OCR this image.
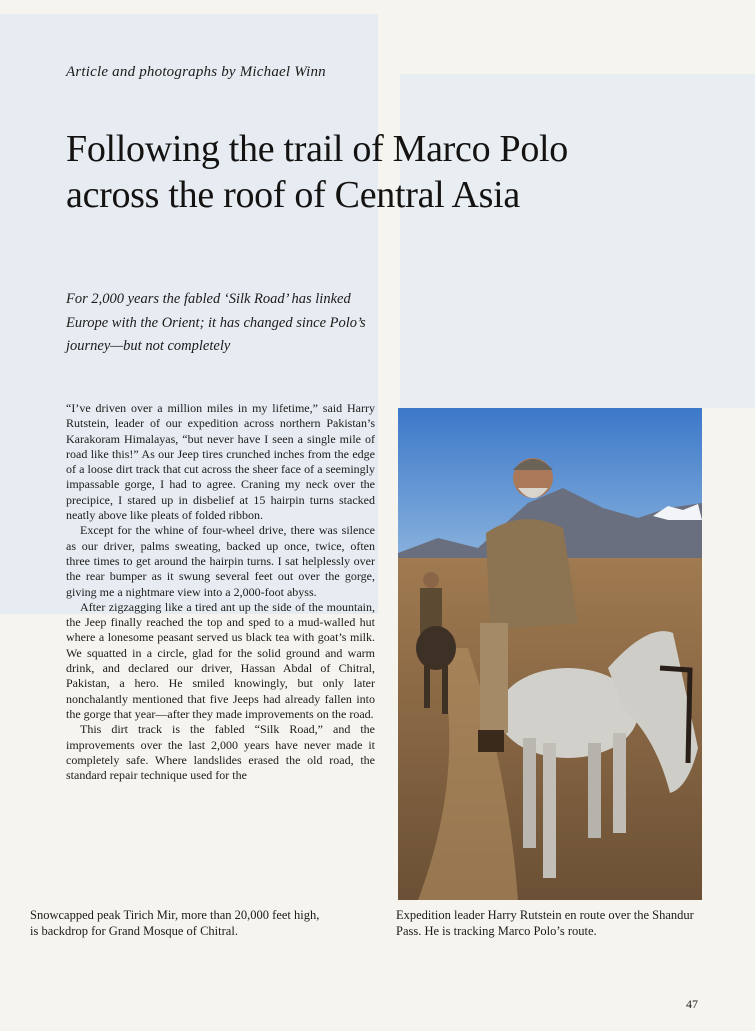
Article and photographs by Michael Winn

Following the trail of Marco Polo
across the roof of Central Asia

For 2,000 years the fabled ‘Silk Road’ has linked Europe with the Orient; it has changed since Polo’s journey—but not completely

“I’ve driven over a million miles in my lifetime,” said Harry Rutstein, leader of our expedition across northern Pakistan’s Karakoram Himalayas, “but never have I seen a single mile of road like this!” As our Jeep tires crunched inches from the edge of a loose dirt track that cut across the sheer face of a seemingly impassable gorge, I had to agree. Craning my neck over the precipice, I stared up in disbelief at 15 hairpin turns stacked neatly above like pleats of folded ribbon.

Except for the whine of four-wheel drive, there was silence as our driver, palms sweating, backed up once, twice, often three times to get around the hairpin turns. I sat helplessly over the rear bumper as it swung several feet out over the gorge, giving me a nightmare view into a 2,000-foot abyss.

After zigzagging like a tired ant up the side of the mountain, the Jeep finally reached the top and sped to a mud-walled hut where a lonesome peasant served us black tea with goat’s milk. We squatted in a circle, glad for the solid ground and warm drink, and declared our driver, Hassan Abdal of Chitral, Pakistan, a hero. He smiled knowingly, but only later nonchalantly mentioned that five Jeeps had already fallen into the gorge that year—after they made improvements on the road.

This dirt track is the fabled “Silk Road,” and the improvements over the last 2,000 years have never made it completely safe. Where landslides erased the old road, the standard repair technique used for the

Snowcapped peak Tirich Mir, more than 20,000 feet high, is backdrop for Grand Mosque of Chitral.

Expedition leader Harry Rutstein en route over the Shandur Pass. He is tracking Marco Polo’s route.

47
